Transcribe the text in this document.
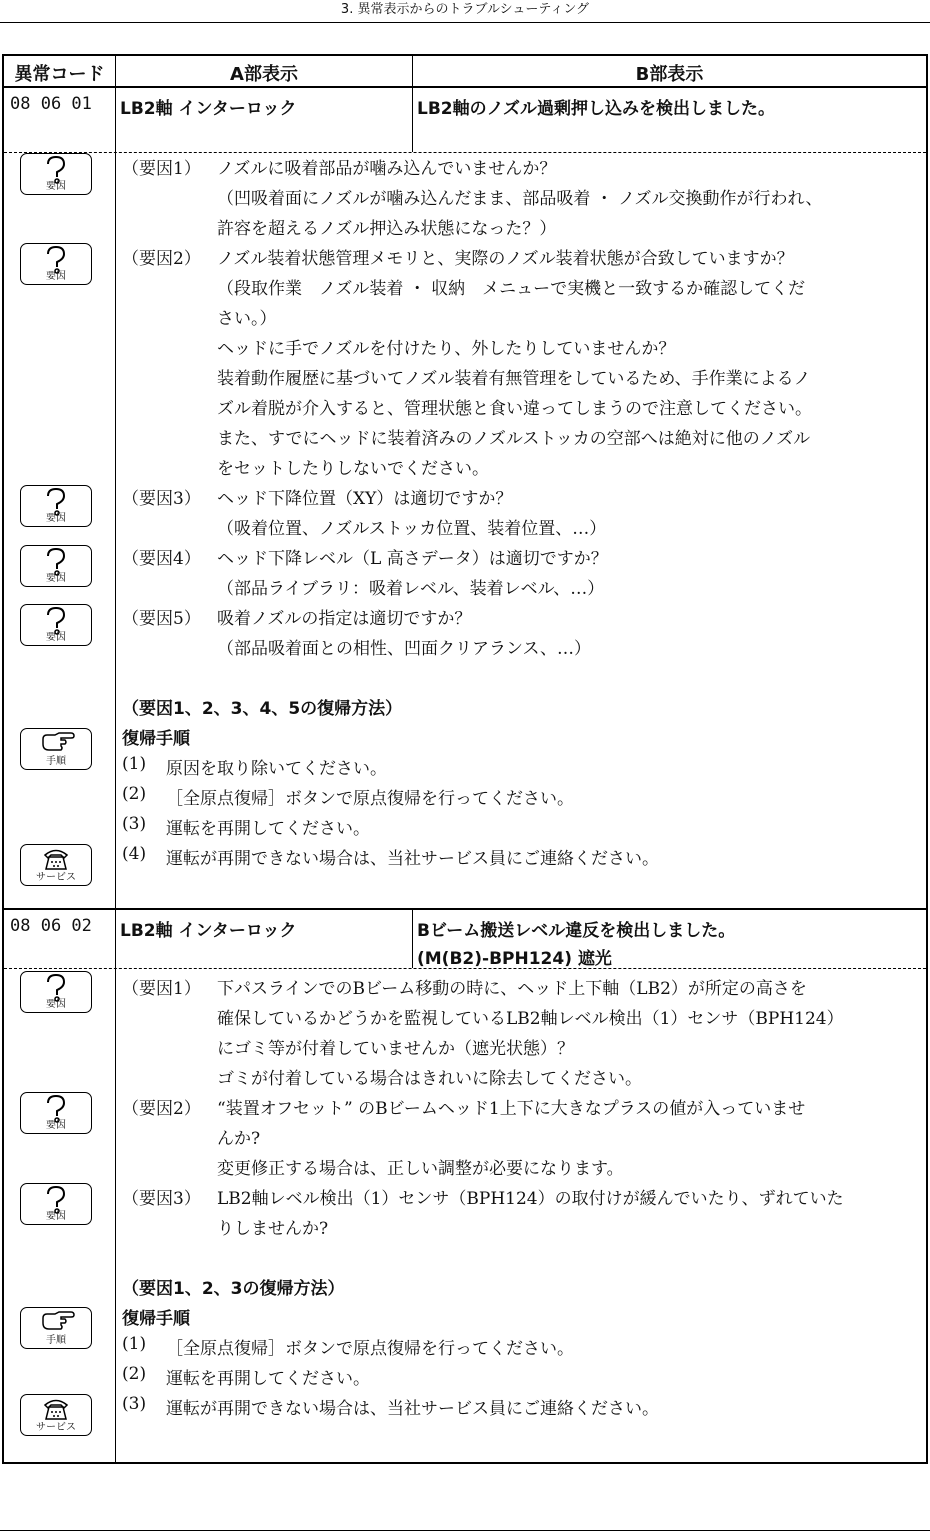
3. 異常表示からのトラブルシューティング
異常コード	A部表示	B部表示
08 06 01 LB2軸 インターロック	LB2軸のノズル過剰押し込みを検出しました。
要因
要因
要因
要因
要因
手順
サービス
（要因1） ノズルに吸着部品が噛み込んでいませんか？
（凹吸着面にノズルが噛み込んだまま、部品吸着 ・ ノズル交換動作が行われ、
許容を超えるノズル押込み状態になった？）
（要因2） ノズル装着状態管理メモリと、実際のノズル装着状態が合致していますか？
（段取作業　ノズル装着 ・ 収納　メニューで実機と一致するか確認してくだ
さい。）
ヘッドに手でノズルを付けたり、外したりしていませんか？
装着動作履歴に基づいてノズル装着有無管理をしているため、手作業によるノ
ズル着脱が介入すると、管理状態と食い違ってしまうので注意してください。
また、すでにヘッドに装着済みのノズルストッカの空部へは絶対に他のノズル
をセットしたりしないでください。
（要因3） ヘッド下降位置（XY）は適切ですか？
（吸着位置、ノズルストッカ位置、装着位置、…）
（要因4） ヘッド下降レベル（L 高さデータ）は適切ですか？
（部品ライブラリ：吸着レベル、装着レベル、…）
（要因5） 吸着ノズルの指定は適切ですか？
（部品吸着面との相性、凹面クリアランス、…）
（要因1、2、3、4、5の復帰方法）
復帰手順
(1) 原因を取り除いてください。
(2) ［全原点復帰］ボタンで原点復帰を行ってください。
(3) 運転を再開してください。
(4) 運転が再開できない場合は、当社サービス員にご連絡ください。
08 06 02 LB2軸 インターロック	Bビーム搬送レベル違反を検出しました。
(M(B2)-BPH124) 遮光
要因
要因
要因
手順
サービス
（要因1） 下パスラインでのBビーム移動の時に、ヘッド上下軸（LB2）が所定の高さを
確保しているかどうかを監視しているLB2軸レベル検出（1）センサ（BPH124）
にゴミ等が付着していませんか（遮光状態）？
ゴミが付着している場合はきれいに除去してください。
（要因2） “装置オフセット” のBビームヘッド1上下に大きなプラスの値が入っていませ
んか?
変更修正する場合は、正しい調整が必要になります。
（要因3） LB2軸レベル検出（1）センサ（BPH124）の取付けが緩んでいたり、ずれていた
りしませんか?
（要因1、2、3の復帰方法）
復帰手順
(1) ［全原点復帰］ボタンで原点復帰を行ってください。
(2) 運転を再開してください。
(3) 運転が再開できない場合は、当社サービス員にご連絡ください。
